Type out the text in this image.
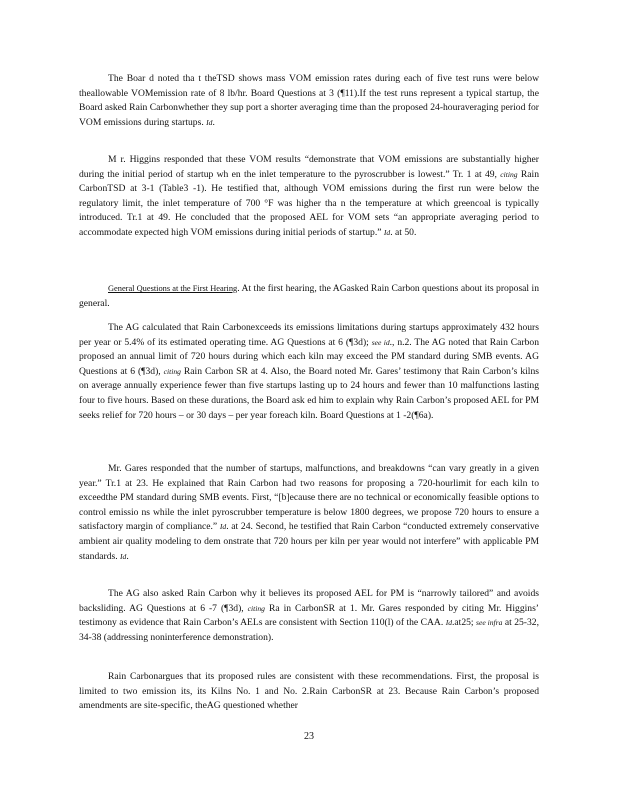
The Boar d noted tha t theTSD shows mass VOM emission rates during each of five test runs were below theallowable VOMemission rate of 8 lb/hr. Board Questions at 3 (¶11).If the test runs represent a typical startup, the Board asked Rain Carbonwhether they sup port a shorter averaging time than the proposed 24-houraveraging period for VOM emissions during startups. Id.

M r. Higgins responded that these VOM results “demonstrate that VOM emissions are substantially higher during the initial period of startup wh en the inlet temperature to the pyroscrubber is lowest.” Tr. 1 at 49, citing Rain CarbonTSD at 3-1 (Table3 -1). He testified that, although VOM emissions during the first run were below the regulatory limit, the inlet temperature of 700 °F was higher tha n the temperature at which greencoal is typically introduced. Tr.1 at 49. He concluded that the proposed AEL for VOM sets “an appropriate averaging period to accommodate expected high VOM emissions during initial periods of startup.” Id. at 50.

General Questions at the First Hearing. At the first hearing, the AGasked Rain Carbon questions about its proposal in general.

The AG calculated that Rain Carbonexceeds its emissions limitations during startups approximately 432 hours per year or 5.4% of its estimated operating time. AG Questions at 6 (¶3d); see id., n.2. The AG noted that Rain Carbon proposed an annual limit of 720 hours during which each kiln may exceed the PM standard during SMB events. AG Questions at 6 (¶3d), citing Rain Carbon SR at 4. Also, the Board noted Mr. Gares’ testimony that Rain Carbon’s kilns on average annually experience fewer than five startups lasting up to 24 hours and fewer than 10 malfunctions lasting four to five hours. Based on these durations, the Board ask ed him to explain why Rain Carbon’s proposed AEL for PM seeks relief for 720 hours – or 30 days – per year foreach kiln. Board Questions at 1 -2(¶6a).

Mr. Gares responded that the number of startups, malfunctions, and breakdowns “can vary greatly in a given year.” Tr.1 at 23. He explained that Rain Carbon had two reasons for proposing a 720-hourlimit for each kiln to exceedthe PM standard during SMB events. First, “[b]ecause there are no technical or economically feasible options to control emissio ns while the inlet pyroscrubber temperature is below 1800 degrees, we propose 720 hours to ensure a satisfactory margin of compliance.” Id. at 24. Second, he testified that Rain Carbon “conducted extremely conservative ambient air quality modeling to dem onstrate that 720 hours per kiln per year would not interfere” with applicable PM standards. Id.

The AG also asked Rain Carbon why it believes its proposed AEL for PM is “narrowly tailored” and avoids backsliding. AG Questions at 6 -7 (¶3d), citing Ra in CarbonSR at 1. Mr. Gares responded by citing Mr. Higgins’ testimony as evidence that Rain Carbon’s AELs are consistent with Section 110(l) of the CAA. Id.at25; see infra at 25-32, 34-38 (addressing noninterference demonstration).

Rain Carbonargues that its proposed rules are consistent with these recommendations. First, the proposal is limited to two emission its, its Kilns No. 1 and No. 2.Rain CarbonSR at 23. Because Rain Carbon’s proposed amendments are site-specific, theAG questioned whether

23
